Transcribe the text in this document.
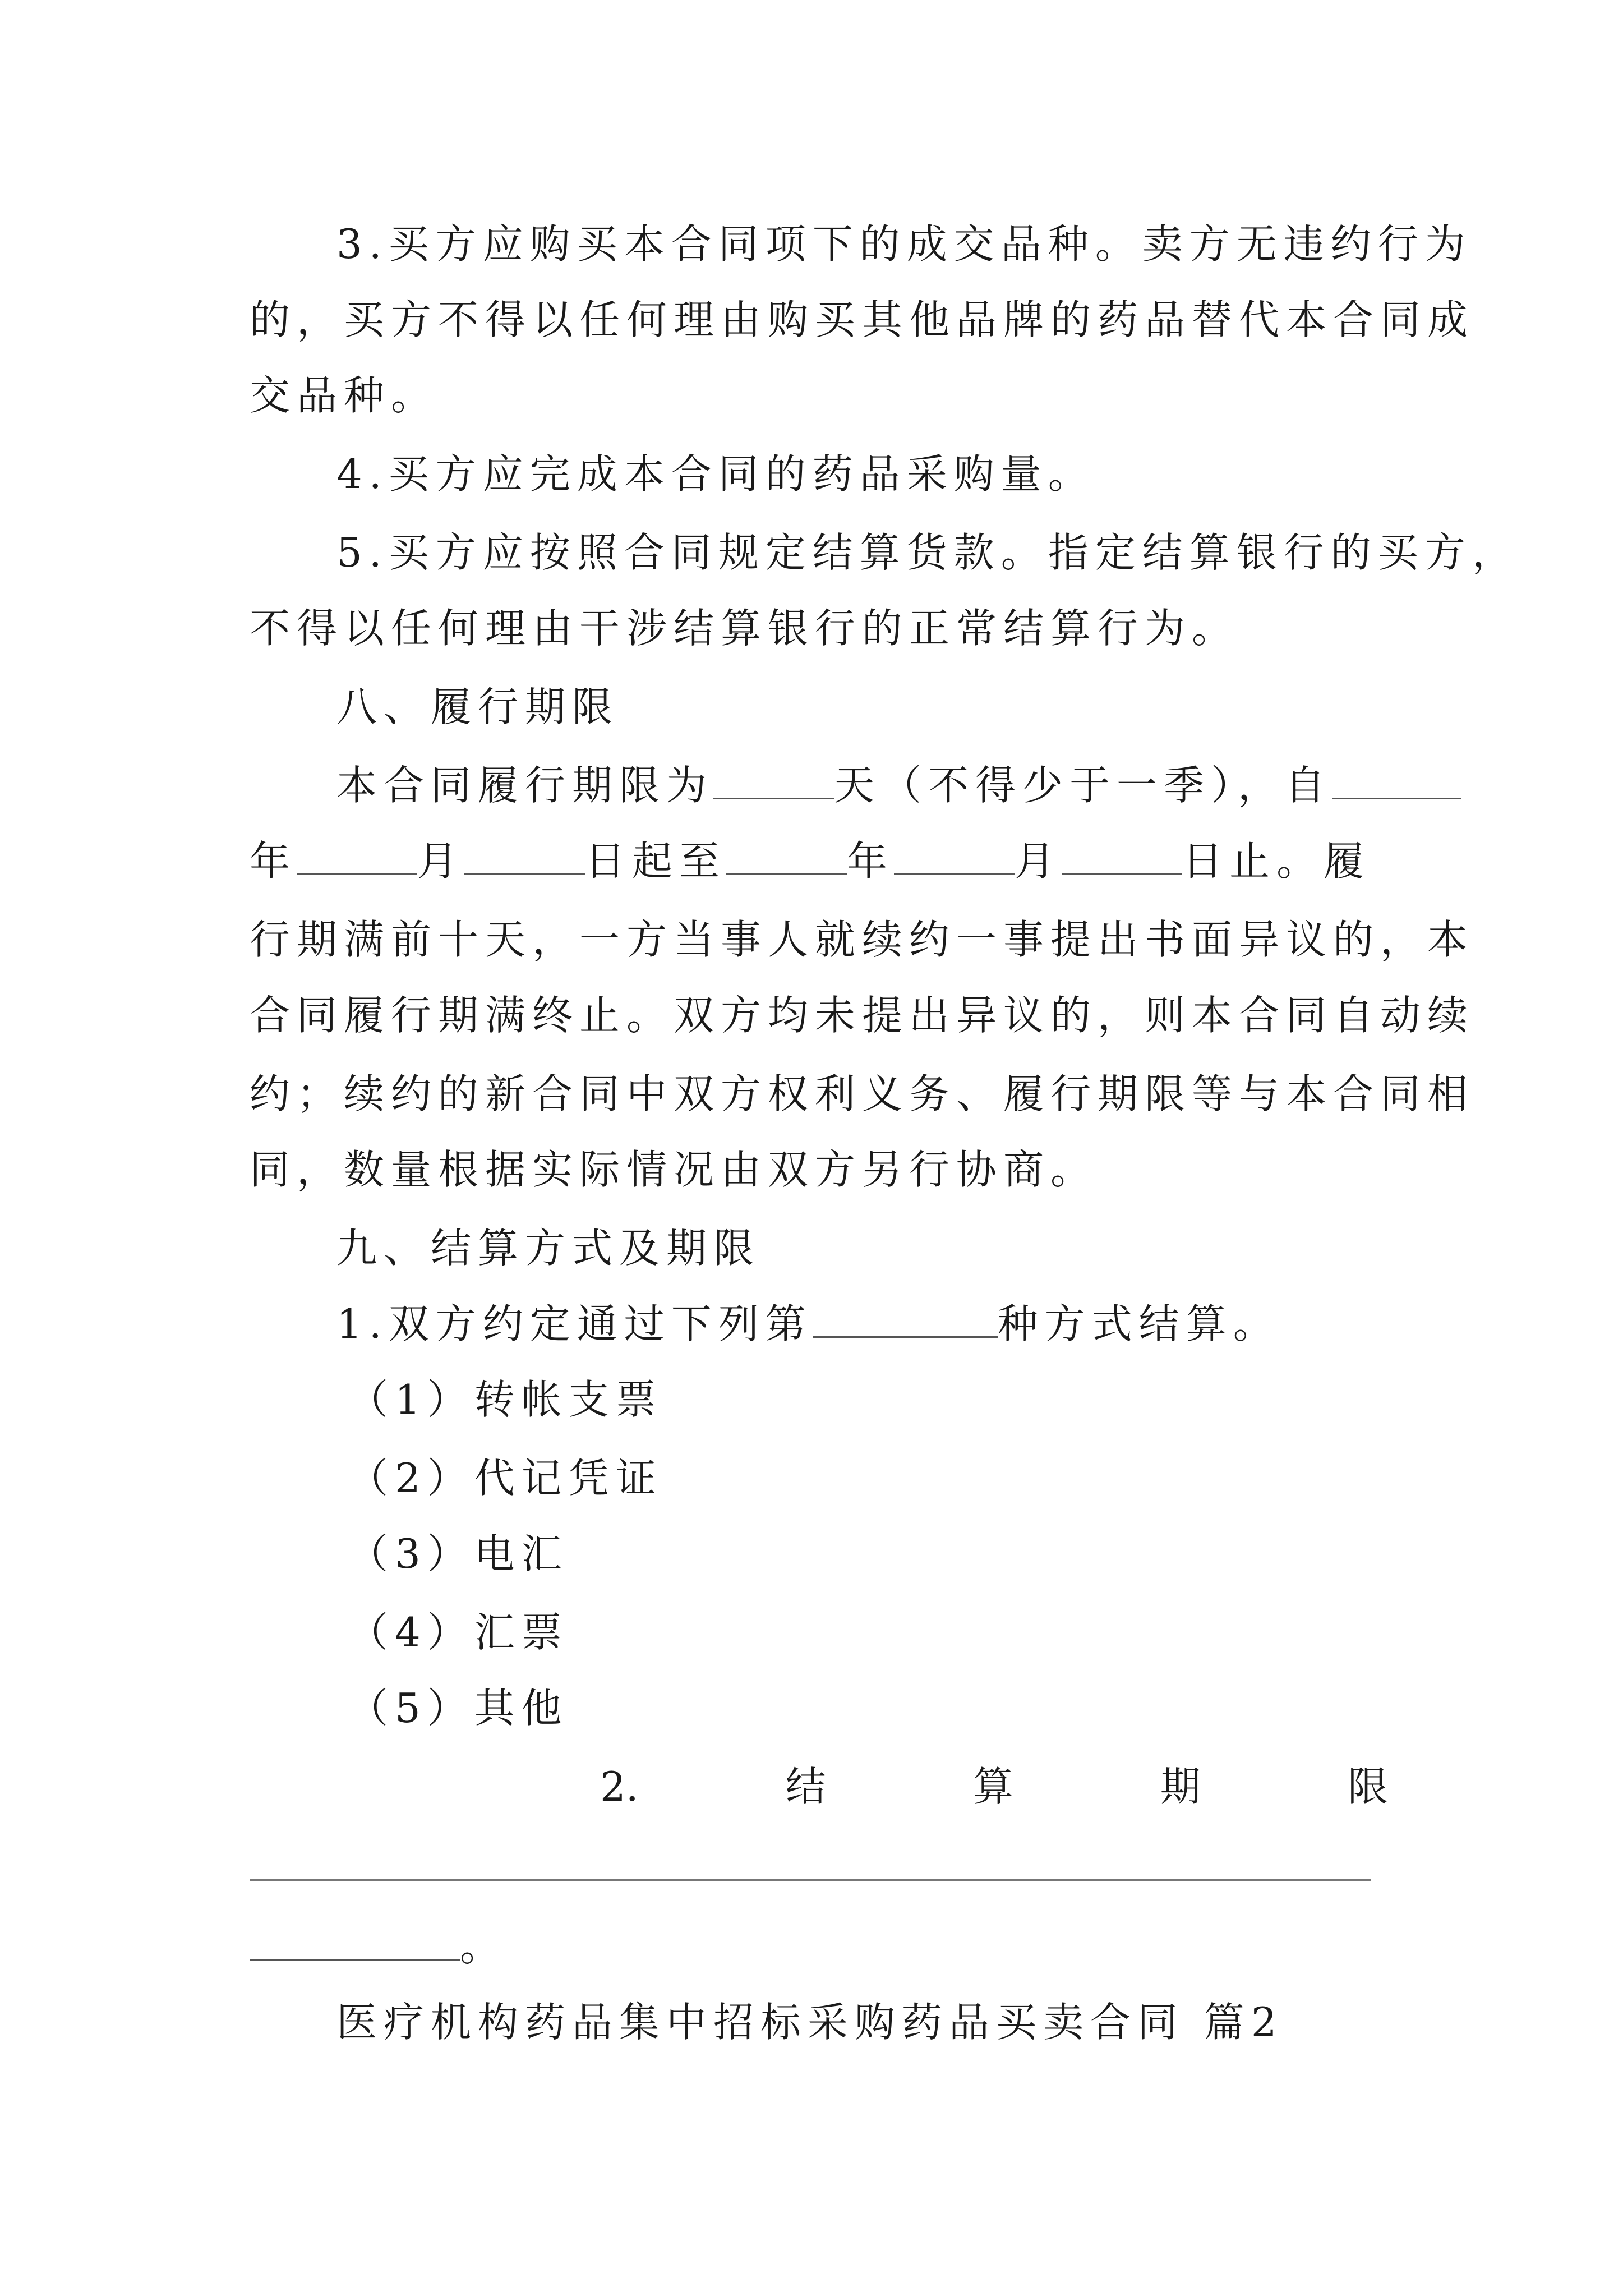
3.买方应购买本合同项下的成交品种。卖方无违约行为
的，买方不得以任何理由购买其他品牌的药品替代本合同成
交品种。
4.买方应完成本合同的药品采购量。
5.买方应按照合同规定结算货款。指定结算银行的买方，
不得以任何理由干涉结算银行的正常结算行为。
八、履行期限
本合同履行期限为	天（不得少于一季），自
年	月	日起至	年	月	日止。履
行期满前十天，一方当事人就续约一事提出书面异议的，本
合同履行期满终止。双方均未提出异议的，则本合同自动续
约；续约的新合同中双方权利义务、履行期限等与本合同相
同，数量根据实际情况由双方另行协商。
九、结算方式及期限
1.双方约定通过下列第	种方式结算。
（1）转帐支票
（2）代记凭证
（3）电汇
（4）汇票
（5）其他
2.	结	算	期	限
。
医疗机构药品集中招标采购药品买卖合同 篇2
